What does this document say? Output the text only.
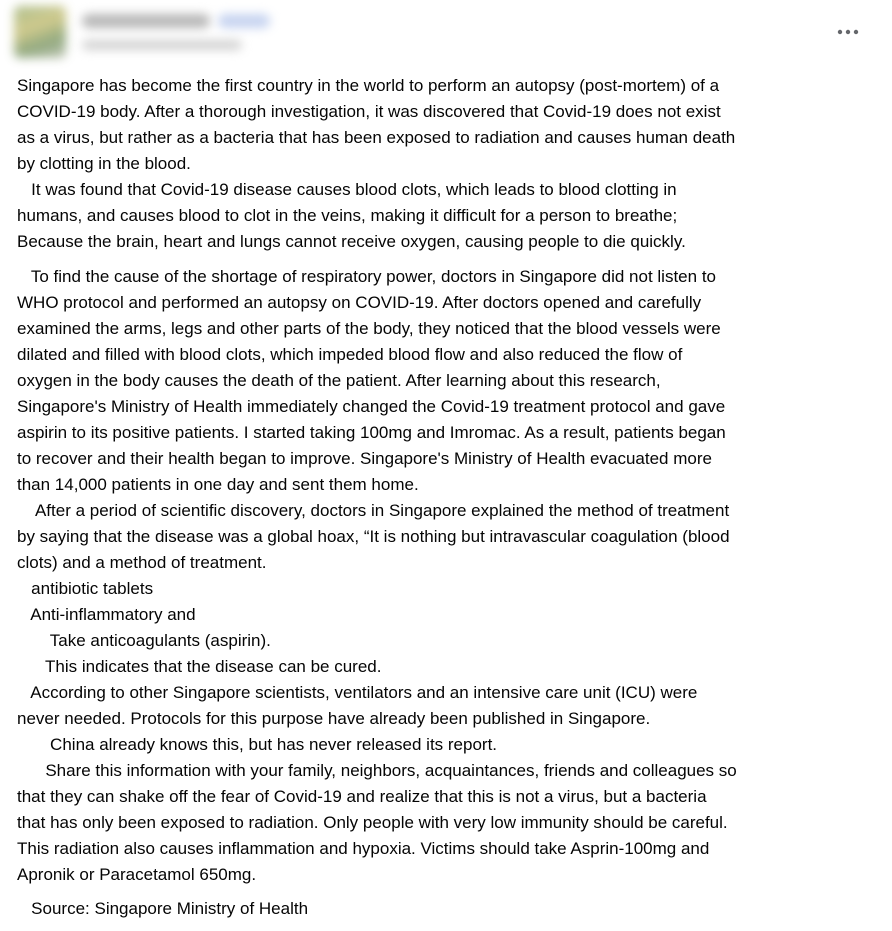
Singapore has become the first country in the world to perform an autopsy (post-mortem) of a
COVID-19 body. After a thorough investigation, it was discovered that Covid-19 does not exist
as a virus, but rather as a bacteria that has been exposed to radiation and causes human death
by clotting in the blood.
It was found that Covid-19 disease causes blood clots, which leads to blood clotting in
humans, and causes blood to clot in the veins, making it difficult for a person to breathe;
Because the brain, heart and lungs cannot receive oxygen, causing people to die quickly.
To find the cause of the shortage of respiratory power, doctors in Singapore did not listen to
WHO protocol and performed an autopsy on COVID-19. After doctors opened and carefully
examined the arms, legs and other parts of the body, they noticed that the blood vessels were
dilated and filled with blood clots, which impeded blood flow and also reduced the flow of
oxygen in the body causes the death of the patient. After learning about this research,
Singapore's Ministry of Health immediately changed the Covid-19 treatment protocol and gave
aspirin to its positive patients. I started taking 100mg and Imromac. As a result, patients began
to recover and their health began to improve. Singapore's Ministry of Health evacuated more
than 14,000 patients in one day and sent them home.
After a period of scientific discovery, doctors in Singapore explained the method of treatment
by saying that the disease was a global hoax, “It is nothing but intravascular coagulation (blood
clots) and a method of treatment.
antibiotic tablets
Anti-inflammatory and
Take anticoagulants (aspirin).
This indicates that the disease can be cured.
According to other Singapore scientists, ventilators and an intensive care unit (ICU) were
never needed. Protocols for this purpose have already been published in Singapore.
China already knows this, but has never released its report.
Share this information with your family, neighbors, acquaintances, friends and colleagues so
that they can shake off the fear of Covid-19 and realize that this is not a virus, but a bacteria
that has only been exposed to radiation. Only people with very low immunity should be careful.
This radiation also causes inflammation and hypoxia. Victims should take Asprin-100mg and
Apronik or Paracetamol 650mg.
Source: Singapore Ministry of Health
